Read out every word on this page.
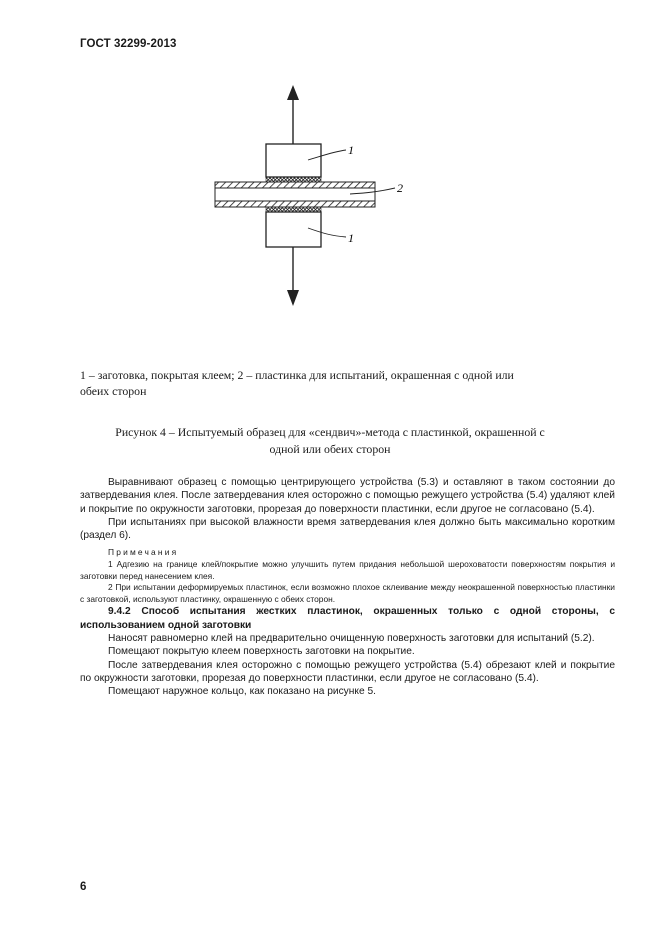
ГОСТ 32299-2013
1
2
1
1 – заготовка, покрытая клеем; 2 – пластинка для испытаний, окрашенная с одной или
обеих сторон
Рисунок 4 – Испытуемый образец для «сендвич»-метода с пластинкой, окрашенной с
одной или обеих сторон

Выравнивают образец с помощью центрирующего устройства (5.3) и оставляют в таком состоянии до затвердевания клея. После затвердевания клея осторожно с помощью режущего устройства (5.4) удаляют клей и покрытие по окружности заготовки, прорезая до поверхности пластинки, если другое не согласовано (5.4).

При испытаниях при высокой влажности время затвердевания клея должно быть максимально коротким (раздел 6).

Примечания

1 Адгезию на границе клей/покрытие можно улучшить путем придания небольшой шероховатости поверхностям покрытия и заготовки перед нанесением клея.

2 При испытании деформируемых пластинок, если возможно плохое склеивание между неокрашенной поверхностью пластинки с заготовкой, используют пластинку, окрашенную с обеих сторон.

9.4.2 Способ испытания жестких пластинок, окрашенных только с одной стороны, с использованием одной заготовки

Наносят равномерно клей на предварительно очищенную поверхность заготовки для испытаний (5.2).

Помещают покрытую клеем поверхность заготовки на покрытие.

После затвердевания клея осторожно с помощью режущего устройства (5.4) обрезают клей и покрытие по окружности заготовки, прорезая до поверхности пластинки, если другое не согласовано (5.4).

Помещают наружное кольцо, как показано на рисунке 5.

6
